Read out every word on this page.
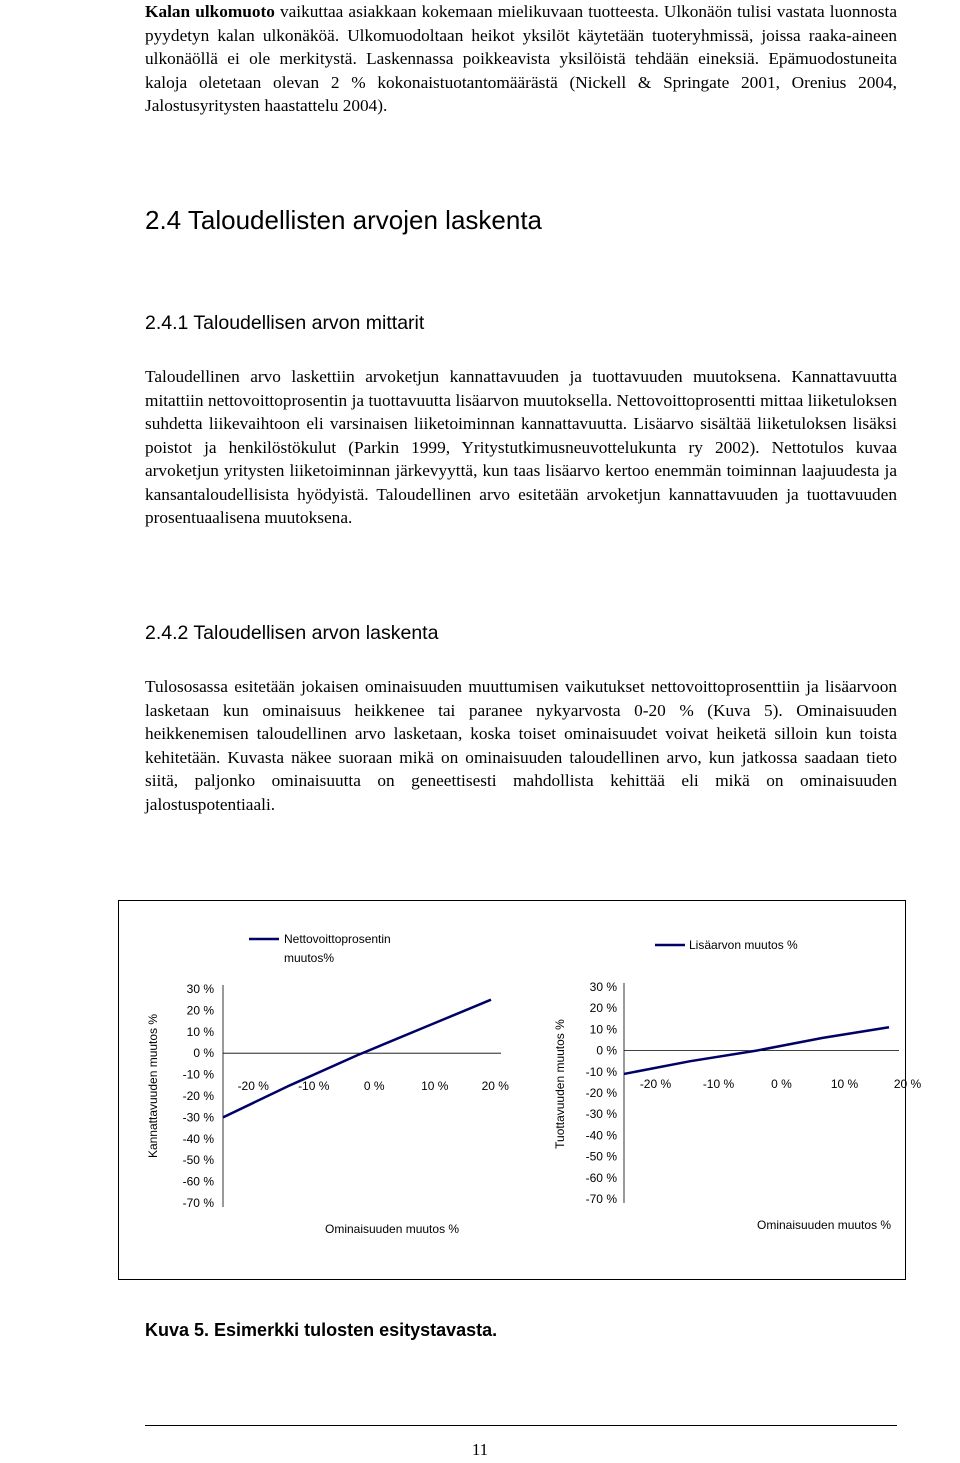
Kalan ulkomuoto vaikuttaa asiakkaan kokemaan mielikuvaan tuotteesta. Ulkonäön tulisi vastata luonnosta pyydetyn kalan ulkonäköä. Ulkomuodoltaan heikot yksilöt käytetään tuoteryhmissä, joissa raaka-aineen ulkonäöllä ei ole merkitystä. Laskennassa poikkeavista yksilöistä tehdään eineksiä. Epämuodostuneita kaloja oletetaan olevan 2 % kokonaistuotantomäärästä (Nickell & Springate 2001, Orenius 2004, Jalostusyritysten haastattelu 2004).

2.4 Taloudellisten arvojen laskenta
2.4.1 Taloudellisen arvon mittarit

Taloudellinen arvo laskettiin arvoketjun kannattavuuden ja tuottavuuden muutoksena. Kannattavuutta mitattiin nettovoittoprosentin ja tuottavuutta lisäarvon muutoksella. Nettovoittoprosentti mittaa liiketuloksen suhdetta liikevaihtoon eli varsinaisen liiketoiminnan kannattavuutta. Lisäarvo sisältää liiketuloksen lisäksi poistot ja henkilöstökulut (Parkin 1999, Yritystutkimusneuvottelukunta ry 2002). Nettotulos kuvaa arvoketjun yritysten liiketoiminnan järkevyyttä, kun taas lisäarvo kertoo enemmän toiminnan laajuudesta ja kansantaloudellisista hyödyistä. Taloudellinen arvo esitetään arvoketjun kannattavuuden ja tuottavuuden prosentuaalisena muutoksena.

2.4.2 Taloudellisen arvon laskenta

Tulososassa esitetään jokaisen ominaisuuden muuttumisen vaikutukset nettovoittoprosenttiin ja lisäarvoon lasketaan kun ominaisuus heikkenee tai paranee nykyarvosta 0-20 % (Kuva 5). Ominaisuuden heikkenemisen taloudellinen arvo lasketaan, koska toiset ominaisuudet voivat heiketä silloin kun toista kehitetään. Kuvasta näkee suoraan mikä on ominaisuuden taloudellinen arvo, kun jatkossa saadaan tieto siitä, paljonko ominaisuutta on geneettisesti mahdollista kehittää eli mikä on ominaisuuden jalostuspotentiaali.

Nettovoittoprosentin
muutos%
30 %
20 %
10 %
0 %
-10 %
-20 %
-30 %
-40 %
-50 %
-60 %
-70 %
-20 % -10 %	0 %	10 %	20 %
Ominaisuuden muutos %
Kannattavuuden muutos %
Lisäarvon muutos %
30 %
20 %
10 %
0 %
-10 %
-20 %
-30 %
-40 %
-50 %
-60 %
-70 %
-20 %	-10 %	0 %	10 %	20 %
Ominaisuuden muutos %
Tuottavuuden muutos %

Kuva 5. Esimerkki tulosten esitystavasta.

11
